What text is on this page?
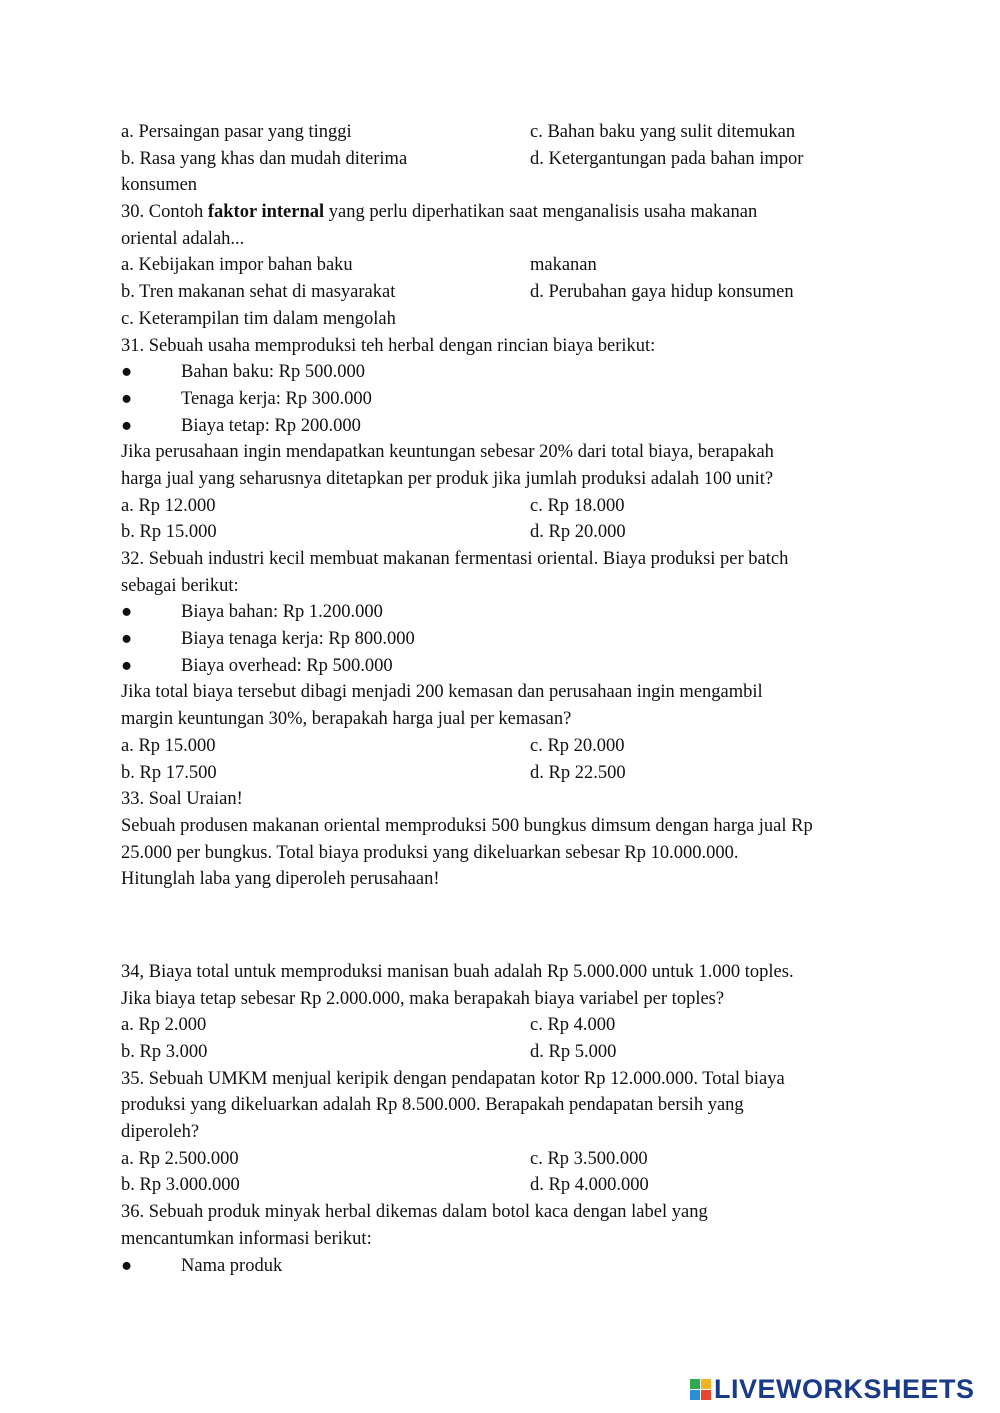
a. Persaingan pasar yang tinggi	c. Bahan baku yang sulit ditemukan
b. Rasa yang khas dan mudah diterima	d. Ketergantungan pada bahan impor
konsumen
30. Contoh faktor internal yang perlu diperhatikan saat menganalisis usaha makanan
oriental adalah...
a. Kebijakan impor bahan baku	makanan
b. Tren makanan sehat di masyarakat	d. Perubahan gaya hidup konsumen
c. Keterampilan tim dalam mengolah
31. Sebuah usaha memproduksi teh herbal dengan rincian biaya berikut:
●	Bahan baku: Rp 500.000
●	Tenaga kerja: Rp 300.000
●	Biaya tetap: Rp 200.000
Jika perusahaan ingin mendapatkan keuntungan sebesar 20% dari total biaya, berapakah
harga jual yang seharusnya ditetapkan per produk jika jumlah produksi adalah 100 unit?
a. Rp 12.000	c. Rp 18.000
b. Rp 15.000	d. Rp 20.000
32. Sebuah industri kecil membuat makanan fermentasi oriental. Biaya produksi per batch
sebagai berikut:
●	Biaya bahan: Rp 1.200.000
●	Biaya tenaga kerja: Rp 800.000
●	Biaya overhead: Rp 500.000
Jika total biaya tersebut dibagi menjadi 200 kemasan dan perusahaan ingin mengambil
margin keuntungan 30%, berapakah harga jual per kemasan?
a. Rp 15.000	c. Rp 20.000
b. Rp 17.500	d. Rp 22.500
33. Soal Uraian!
Sebuah produsen makanan oriental memproduksi 500 bungkus dimsum dengan harga jual Rp
25.000 per bungkus. Total biaya produksi yang dikeluarkan sebesar Rp 10.000.000.
Hitunglah laba yang diperoleh perusahaan!
34, Biaya total untuk memproduksi manisan buah adalah Rp 5.000.000 untuk 1.000 toples.
Jika biaya tetap sebesar Rp 2.000.000, maka berapakah biaya variabel per toples?
a. Rp 2.000	c. Rp 4.000
b. Rp 3.000	d. Rp 5.000
35. Sebuah UMKM menjual keripik dengan pendapatan kotor Rp 12.000.000. Total biaya
produksi yang dikeluarkan adalah Rp 8.500.000. Berapakah pendapatan bersih yang
diperoleh?
a. Rp 2.500.000	c. Rp 3.500.000
b. Rp 3.000.000	d. Rp 4.000.000
36. Sebuah produk minyak herbal dikemas dalam botol kaca dengan label yang
mencantumkan informasi berikut:
●	Nama produk
LIVEWORKSHEETS
